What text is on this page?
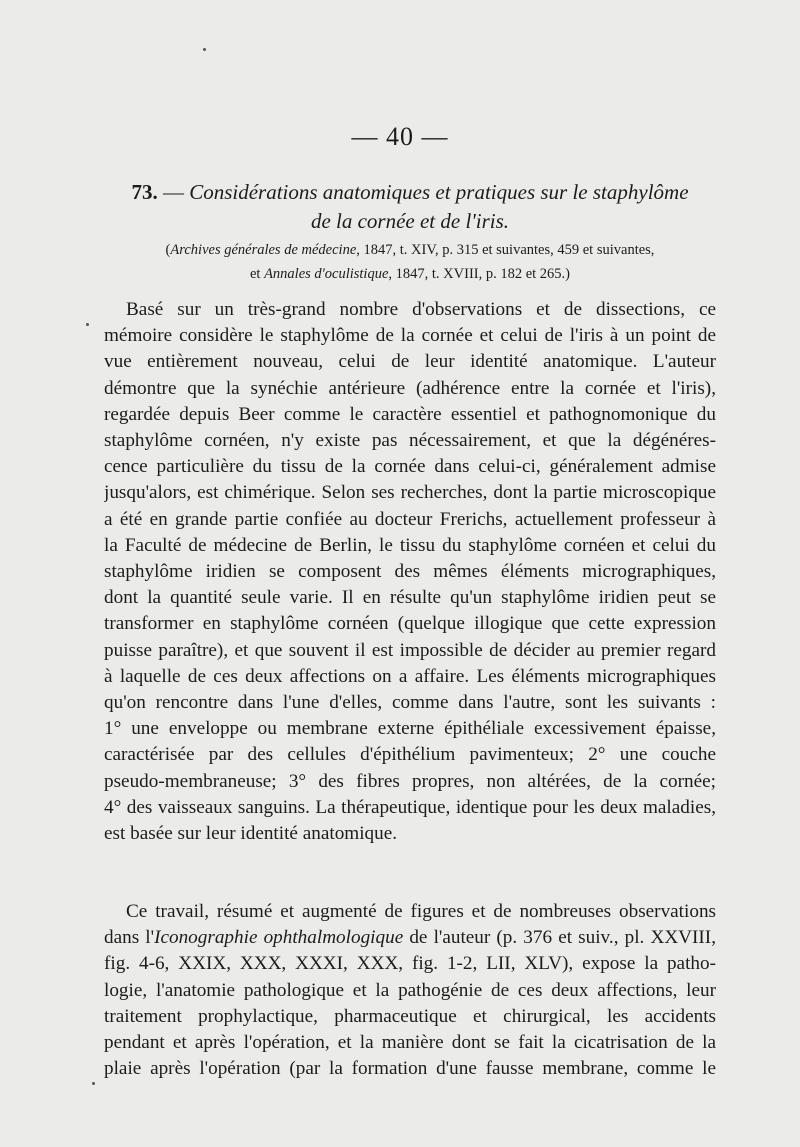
— 40 —
73. — Considérations anatomiques et pratiques sur le staphylôme
de la cornée et de l'iris.
(Archives générales de médecine, 1847, t. XIV, p. 315 et suivantes, 459 et suivantes,
et Annales d'oculistique, 1847, t. XVIII, p. 182 et 265.)
Basé sur un très-grand nombre d'observations et de dissections, ce
mémoire considère le staphylôme de la cornée et celui de l'iris à un point de
vue entièrement nouveau, celui de leur identité anatomique. L'auteur
démontre que la synéchie antérieure (adhérence entre la cornée et l'iris),
regardée depuis Beer comme le caractère essentiel et pathognomonique du
staphylôme cornéen, n'y existe pas nécessairement, et que la dégénéres-
cence particulière du tissu de la cornée dans celui-ci, généralement admise
jusqu'alors, est chimérique. Selon ses recherches, dont la partie microscopique
a été en grande partie confiée au docteur Frerichs, actuellement professeur à
la Faculté de médecine de Berlin, le tissu du staphylôme cornéen et celui du
staphylôme iridien se composent des mêmes éléments micrographiques,
dont la quantité seule varie. Il en résulte qu'un staphylôme iridien peut se
transformer en staphylôme cornéen (quelque illogique que cette expression
puisse paraître), et que souvent il est impossible de décider au premier regard
à laquelle de ces deux affections on a affaire. Les éléments micrographiques
qu'on rencontre dans l'une d'elles, comme dans l'autre, sont les suivants :
1° une enveloppe ou membrane externe épithéliale excessivement épaisse,
caractérisée par des cellules d'épithélium pavimenteux; 2° une couche
pseudo-membraneuse; 3° des fibres propres, non altérées, de la cornée;
4° des vaisseaux sanguins. La thérapeutique, identique pour les deux maladies,
est basée sur leur identité anatomique.
Ce travail, résumé et augmenté de figures et de nombreuses observations
dans l'Iconographie ophthalmologique de l'auteur (p. 376 et suiv., pl. XXVIII,
fig. 4-6, XXIX, XXX, XXXI, XXX, fig. 1-2, LII, XLV), expose la patho-
logie, l'anatomie pathologique et la pathogénie de ces deux affections, leur
traitement prophylactique, pharmaceutique et chirurgical, les accidents
pendant et après l'opération, et la manière dont se fait la cicatrisation de la
plaie après l'opération (par la formation d'une fausse membrane, comme le
